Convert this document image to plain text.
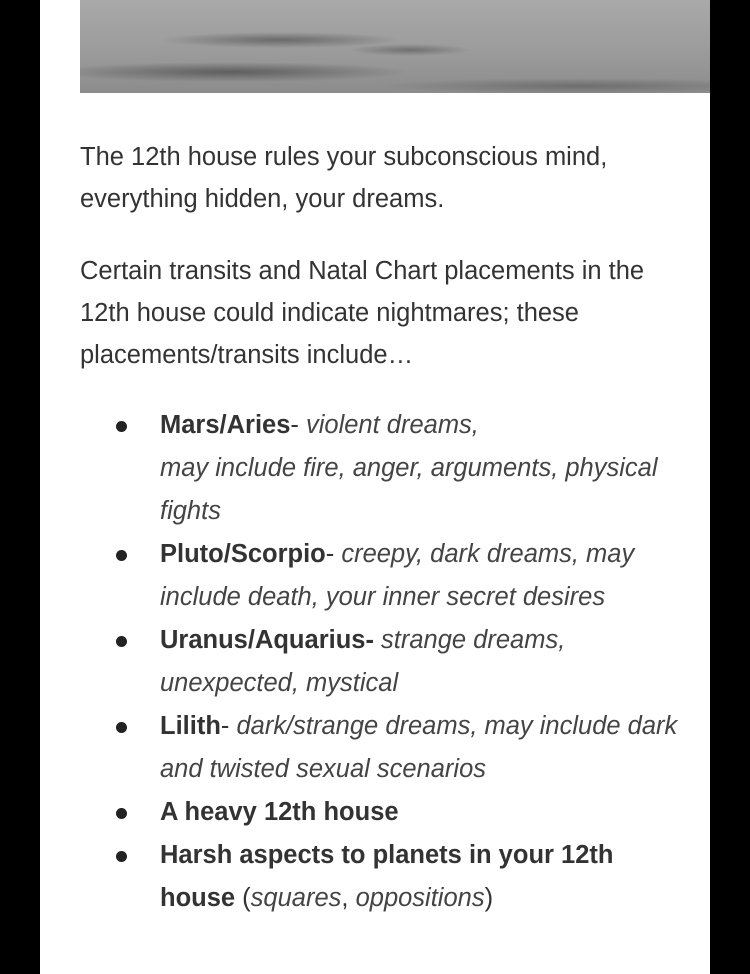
The 12th house rules your subconscious mind, everything hidden, your dreams.

Certain transits and Natal Chart placements in the 12th house could indicate nightmares; these placements/transits include…

Mars/Aries- violent dreams,
may include fire, anger, arguments, physical fights
Pluto/Scorpio- creepy, dark dreams, may include death, your inner secret desires
Uranus/Aquarius- strange dreams, unexpected, mystical
Lilith- dark/strange dreams, may include dark and twisted sexual scenarios
A heavy 12th house
Harsh aspects to planets in your 12th house (squares, oppositions)
